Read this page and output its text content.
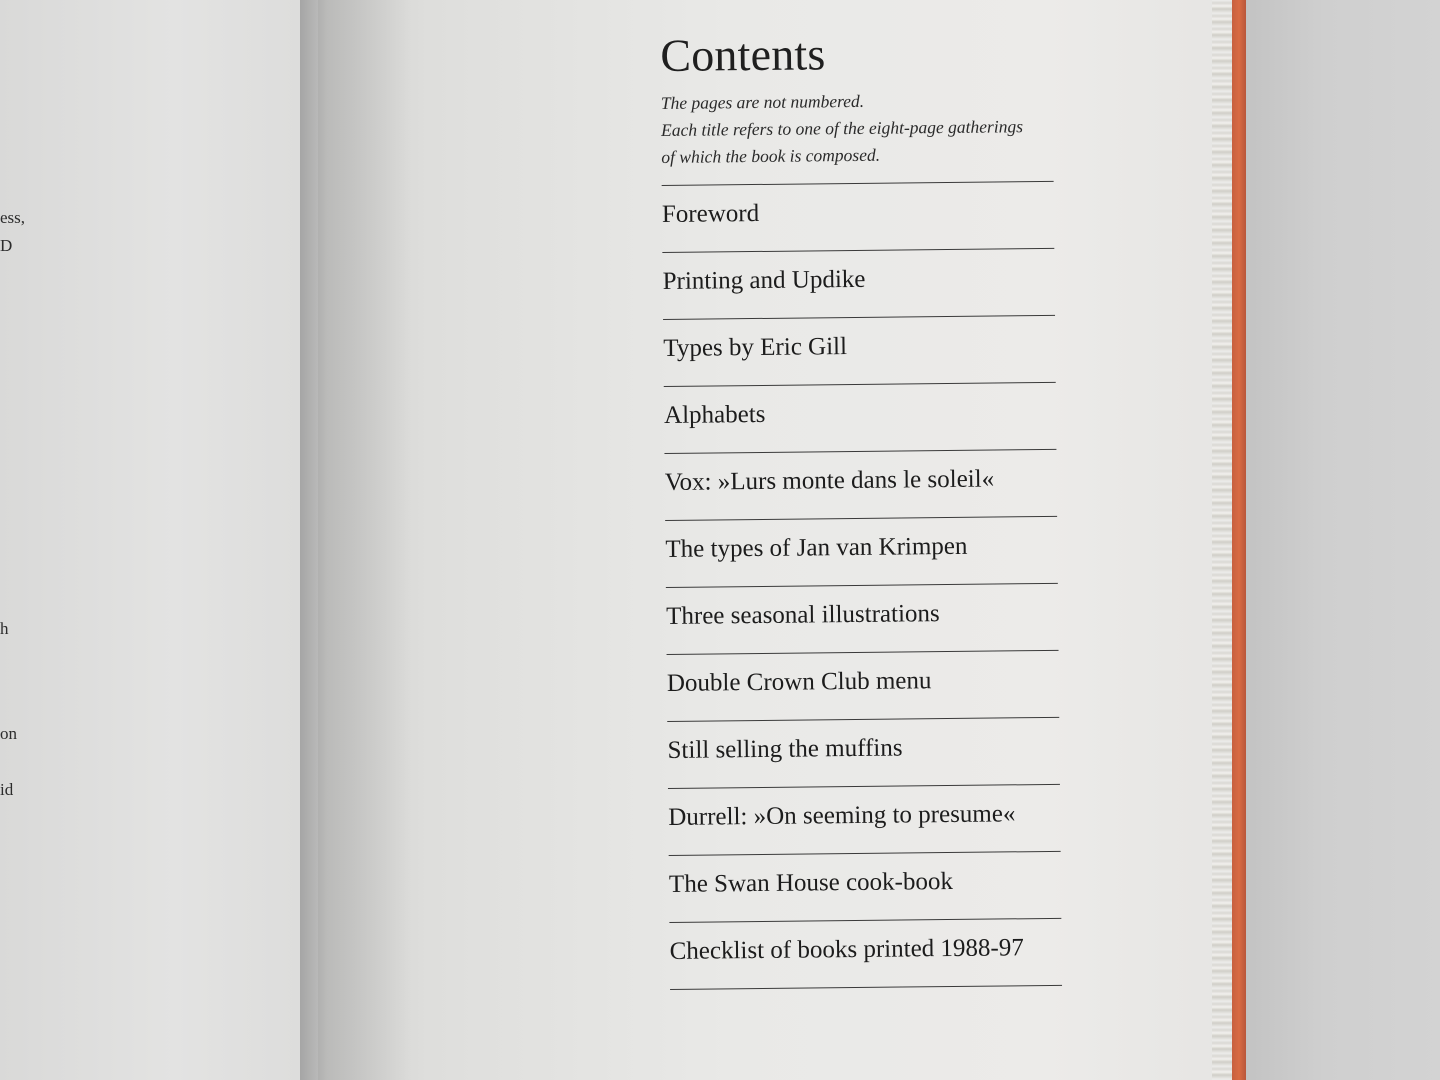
ess,
D
h
on
id
Contents
The pages are not numbered.
Each title refers to one of the eight-page gatherings
of which the book is composed.
Foreword
Printing and Updike
Types by Eric Gill
Alphabets
Vox: »Lurs monte dans le soleil«
The types of Jan van Krimpen
Three seasonal illustrations
Double Crown Club menu
Still selling the muffins
Durrell: »On seeming to presume«
The Swan House cook-book
Checklist of books printed 1988-97
